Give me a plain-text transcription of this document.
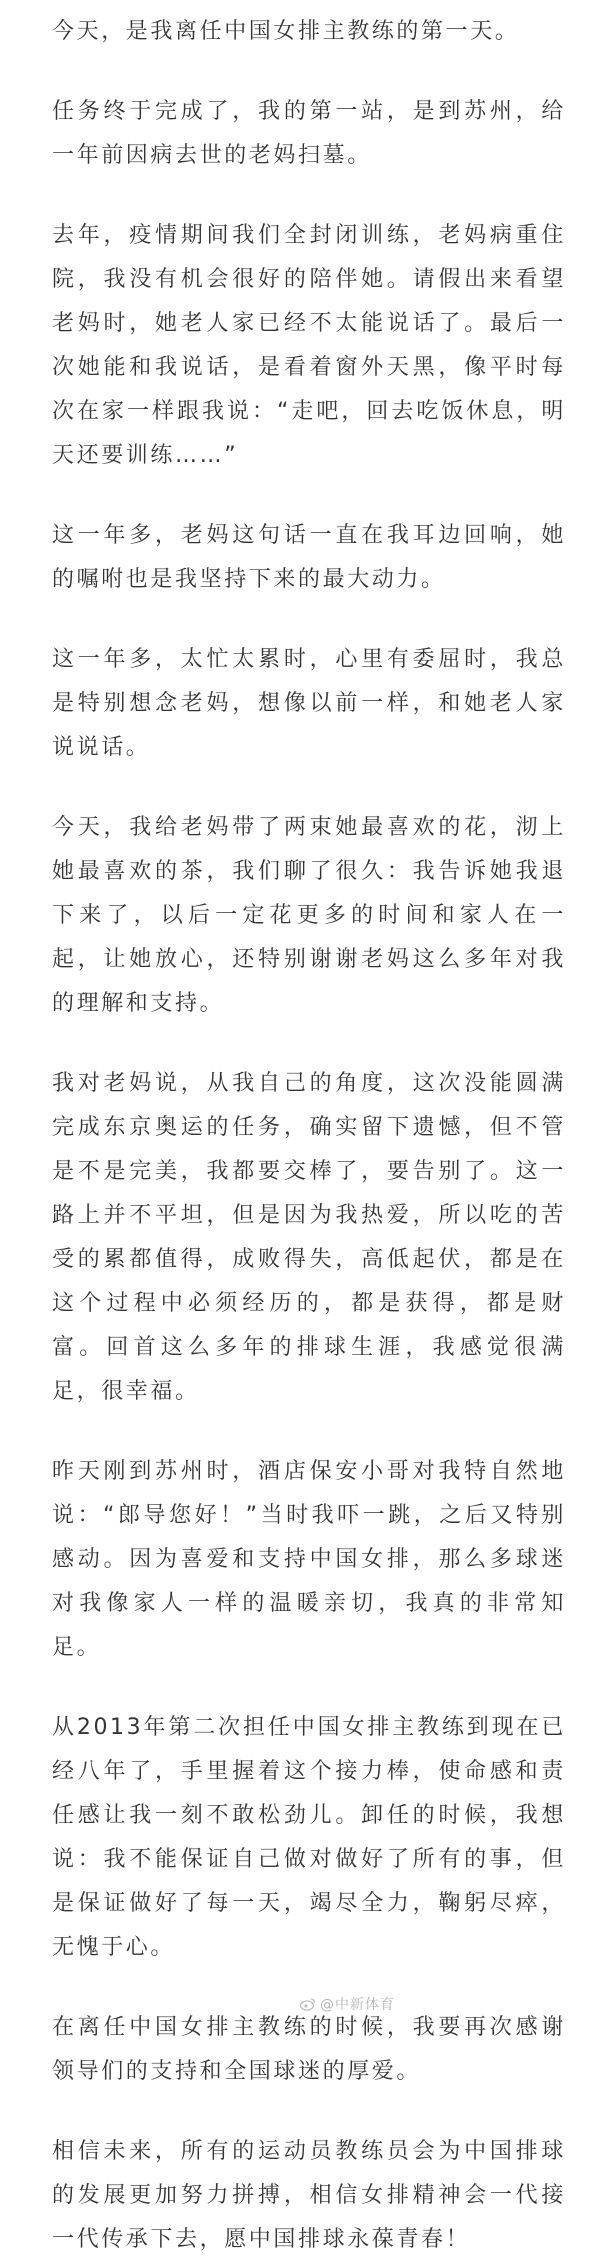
今天，是我离任中国女排主教练的第一天。

任务终于完成了，我的第一站，是到苏州，给一年前因病去世的老妈扫墓。

去年，疫情期间我们全封闭训练，老妈病重住院，我没有机会很好的陪伴她。请假出来看望老妈时，她老人家已经不太能说话了。最后一次她能和我说话，是看着窗外天黑，像平时每次在家一样跟我说：“走吧，回去吃饭休息，明天还要训练……”

这一年多，老妈这句话一直在我耳边回响，她的嘱咐也是我坚持下来的最大动力。

这一年多，太忙太累时，心里有委屈时，我总是特别想念老妈，想像以前一样，和她老人家说说话。

今天，我给老妈带了两束她最喜欢的花，沏上她最喜欢的茶，我们聊了很久：我告诉她我退下来了，以后一定花更多的时间和家人在一起，让她放心，还特别谢谢老妈这么多年对我的理解和支持。

我对老妈说，从我自己的角度，这次没能圆满完成东京奥运的任务，确实留下遗憾，但不管是不是完美，我都要交棒了，要告别了。这一路上并不平坦，但是因为我热爱，所以吃的苦受的累都值得，成败得失，高低起伏，都是在这个过程中必须经历的，都是获得，都是财富。回首这么多年的排球生涯，我感觉很满足，很幸福。

昨天刚到苏州时，酒店保安小哥对我特自然地说：“郎导您好！”当时我吓一跳，之后又特别感动。因为喜爱和支持中国女排，那么多球迷对我像家人一样的温暖亲切，我真的非常知足。

从2013年第二次担任中国女排主教练到现在已经八年了，手里握着这个接力棒，使命感和责任感让我一刻不敢松劲儿。卸任的时候，我想说：我不能保证自己做对做好了所有的事，但是保证做好了每一天，竭尽全力，鞠躬尽瘁，无愧于心。

在离任中国女排主教练的时候，我要再次感谢领导们的支持和全国球迷的厚爱。

相信未来，所有的运动员教练员会为中国排球的发展更加努力拼搏，相信女排精神会一代接一代传承下去，愿中国排球永葆青春！

@中新体育
